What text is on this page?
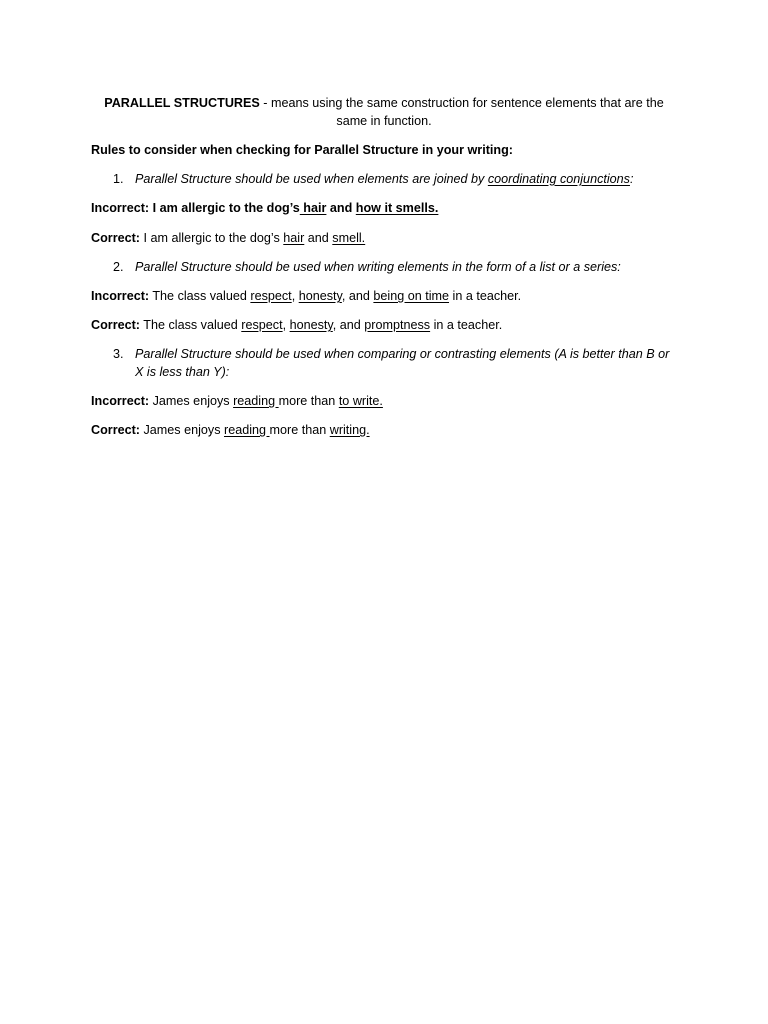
PARALLEL STRUCTURES - means using the same construction for sentence elements that are the same in function.
Rules to consider when checking for Parallel Structure in your writing:
1. Parallel Structure should be used when elements are joined by coordinating conjunctions:
Incorrect: I am allergic to the dog’s hair and how it smells.
Correct: I am allergic to the dog’s hair and smell.
2. Parallel Structure should be used when writing elements in the form of a list or a series:
Incorrect: The class valued respect, honesty, and being on time in a teacher.
Correct: The class valued respect, honesty, and promptness in a teacher.
3. Parallel Structure should be used when comparing or contrasting elements (A is better than B or
X is less than Y):
Incorrect: James enjoys reading more than to write.
Correct: James enjoys reading more than writing.
